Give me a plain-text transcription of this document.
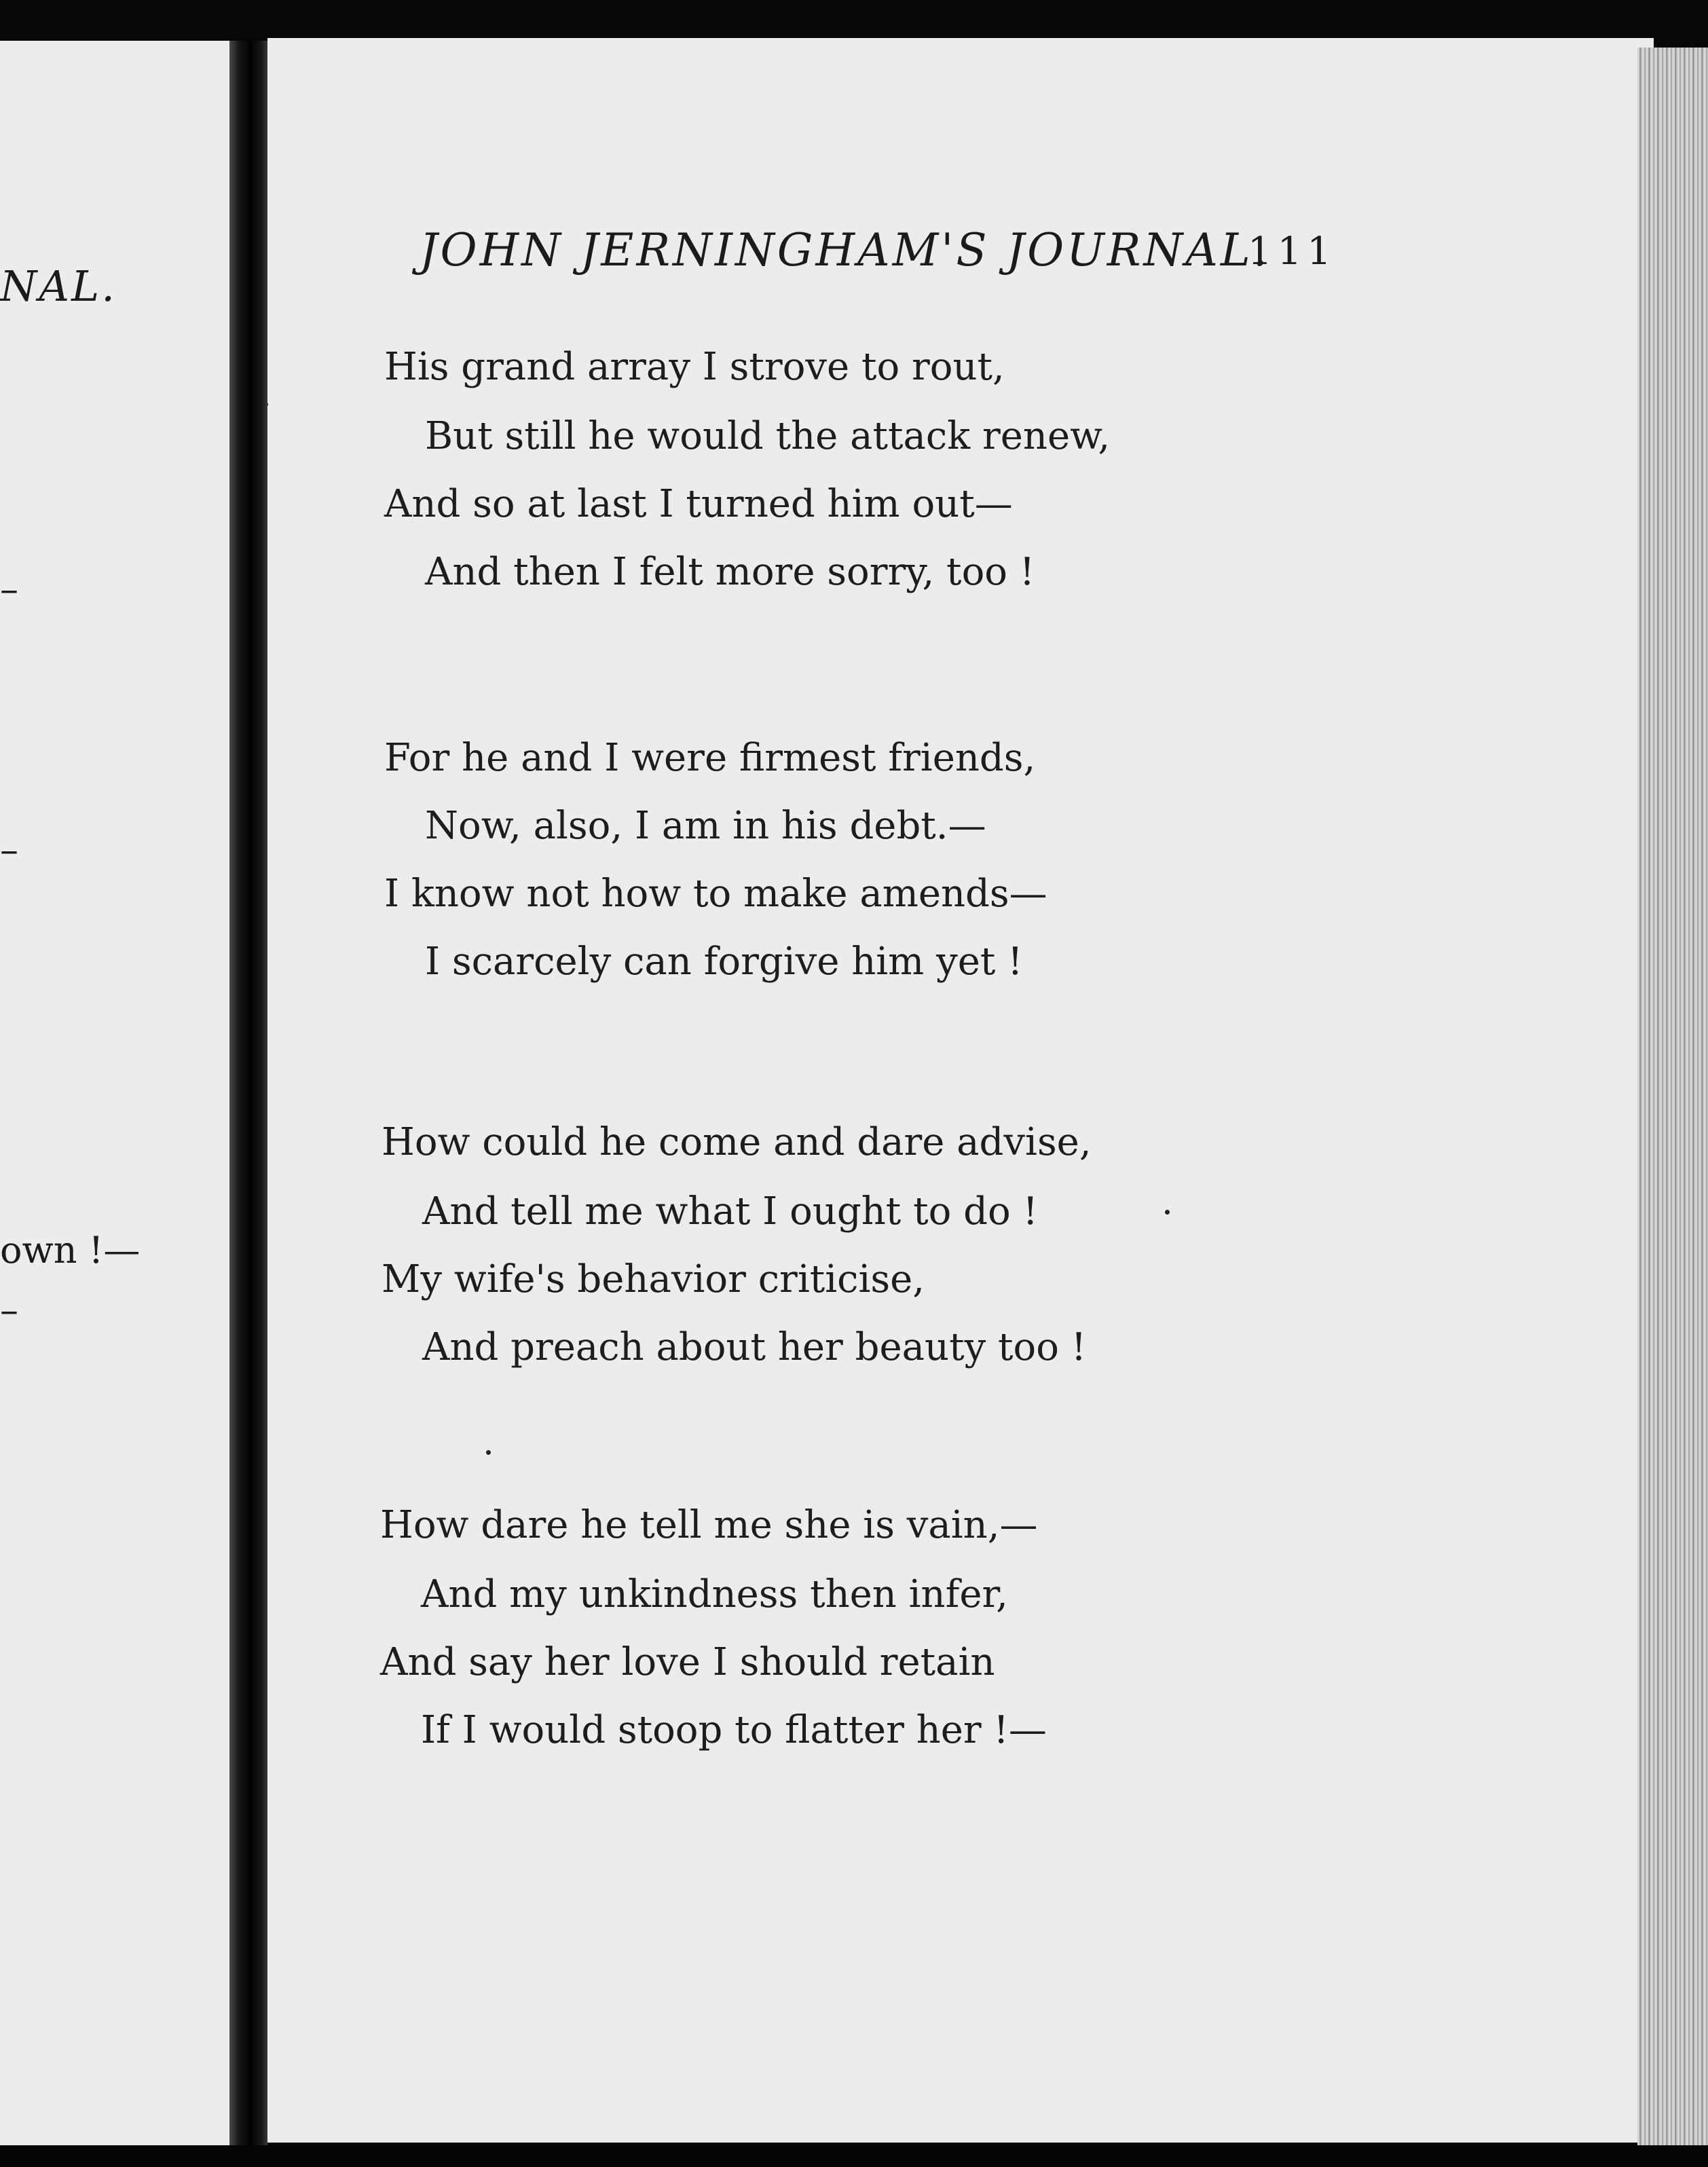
NAL.
–
–
own !—
–
JOHN JERNINGHAM'S JOURNAL.
111
His grand array I strove to rout,
But still he would the attack renew,
And so at last I turned him out—
And then I felt more sorry, too !
For he and I were firmest friends,
Now, also, I am in his debt.—
I know not how to make amends—
I scarcely can forgive him yet !
How could he come and dare advise,
And tell me what I ought to do !
My wife's behavior criticise,
And preach about her beauty too !
How dare he tell me she is vain,—
And my unkindness then infer,
And say her love I should retain
If I would stoop to flatter her !—
